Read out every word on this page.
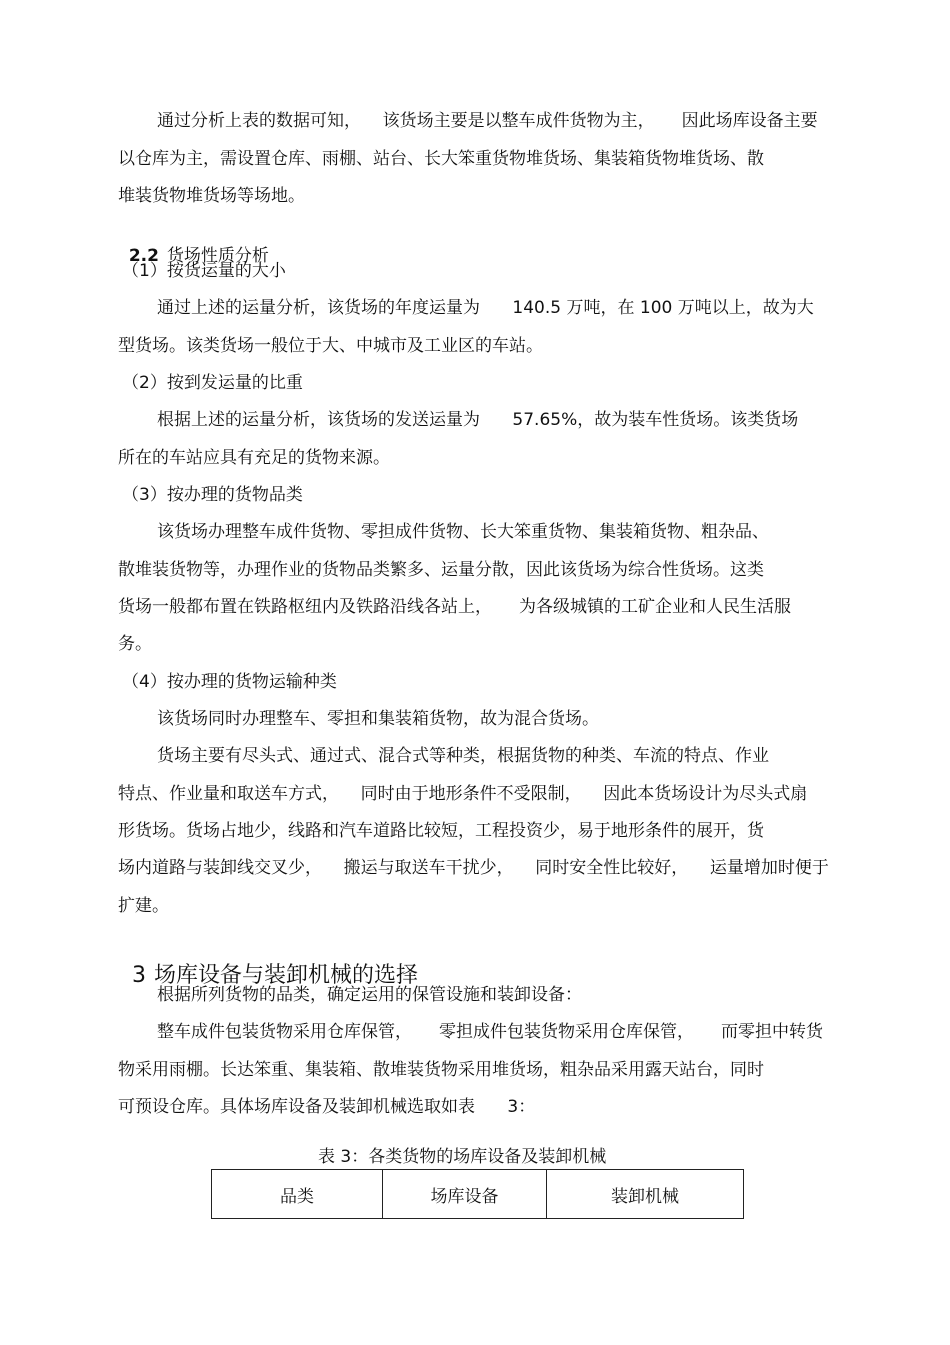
通过分析上表的数据可知，    该货场主要是以整车成件货物为主，     因此场库设备主要
以仓库为主，需设置仓库、雨棚、站台、长大笨重货物堆货场、集装箱货物堆货场、散
堆装货物堆货场等场地。

2.2 货场性质分析

（1）按货运量的大小
通过上述的运量分析，该货场的年度运量为      140.5 万吨，在 100 万吨以上，故为大
型货场。该类货场一般位于大、中城市及工业区的车站。
（2）按到发运量的比重
根据上述的运量分析，该货场的发送运量为      57.65%，故为装车性货场。该类货场
所在的车站应具有充足的货物来源。
（3）按办理的货物品类
该货场办理整车成件货物、零担成件货物、长大笨重货物、集装箱货物、粗杂品、
散堆装货物等，办理作业的货物品类繁多、运量分散，因此该货场为综合性货场。这类
货场一般都布置在铁路枢纽内及铁路沿线各站上，     为各级城镇的工矿企业和人民生活服
务。
（4）按办理的货物运输种类
该货场同时办理整车、零担和集装箱货物，故为混合货场。
货场主要有尽头式、通过式、混合式等种类，根据货物的种类、车流的特点、作业
特点、作业量和取送车方式，    同时由于地形条件不受限制，    因此本货场设计为尽头式扇
形货场。货场占地少，线路和汽车道路比较短，工程投资少，易于地形条件的展开，货
场内道路与装卸线交叉少，    搬运与取送车干扰少，    同时安全性比较好，    运量增加时便于
扩建。

3 场库设备与装卸机械的选择

根据所列货物的品类，确定运用的保管设施和装卸设备：
整车成件包装货物采用仓库保管，     零担成件包装货物采用仓库保管，     而零担中转货
物采用雨棚。长达笨重、集装箱、散堆装货物采用堆货场，粗杂品采用露天站台，同时
可预设仓库。具体场库设备及装卸机械选取如表      3：
表 3：各类货物的场库设备及装卸机械
品类	场库设备	装卸机械
